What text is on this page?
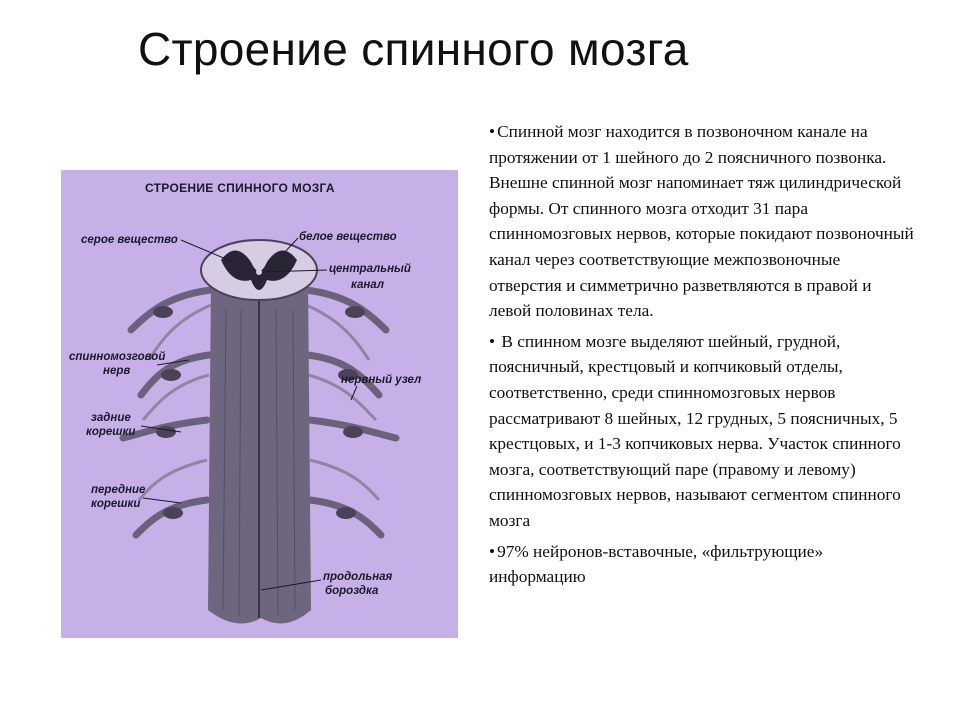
Строение спинного мозга
СТРОЕНИЕ СПИННОГО МОЗГА
серое вещество	белое вещество
центральный
канал
спинномозговой
нерв
нервный узел
задние
корешки
передние
корешки
продольная
бороздка
• Спинной мозг находится в позвоночном канале на протяжении от 1 шейного до 2 поясничного позвонка. Внешне спинной мозг напоминает тяж цилиндрической формы. От спинного мозга отходит 31 пара спинномозговых нервов, которые покидают позвоночный канал через соответствующие межпозвоночные отверстия и симметрично разветвляются в правой и левой половинах тела.
• В спинном мозге выделяют шейный, грудной, поясничный, крестцовый и копчиковый отделы, соответственно, среди спинномозговых нервов рассматривают 8 шейных, 12 грудных, 5 поясничных, 5 крестцовых, и 1-3 копчиковых нерва. Участок спинного мозга, соответствующий паре (правому и левому) спинномозговых нервов, называют сегментом спинного мозга
• 97% нейронов-вставочные, «фильтрующие» информацию
